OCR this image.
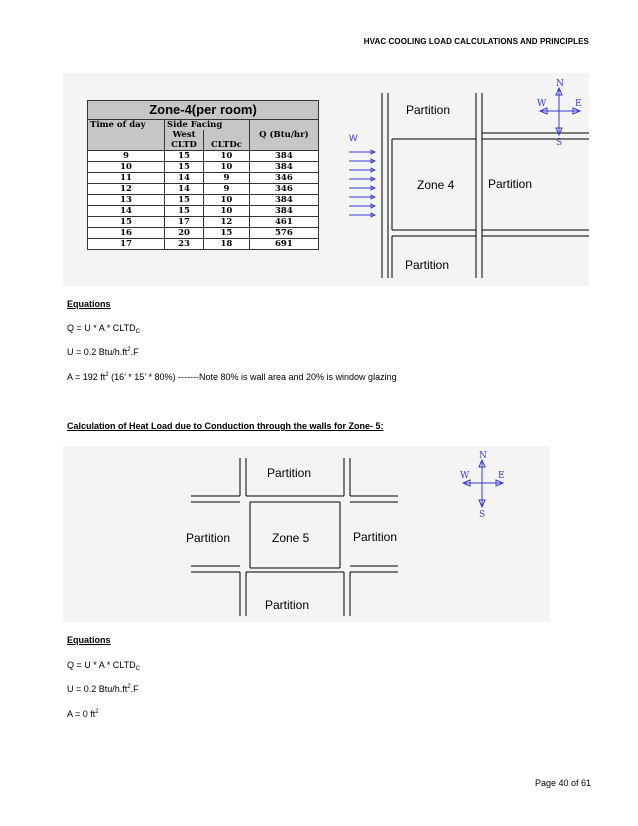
HVAC COOLING LOAD CALCULATIONS AND PRINCIPLES
Zone-4(per room)			
Time of day	Side Facing		
	West		Q (Btu/hr)
	CLTD	CLTDc	
9	15	10	384
10	15	10	384
11	14	9	346
12	14	9	346
13	15	10	384
14	15	10	384
15	17	12	461
16	20	15	576
17	23	18	691
W
Partition
Zone 4	Partition
Partition
N
S
E
W
Equations
$Q = U * A * CLTD_C$
U = 0.2 Btu/$h.ft^2.F$
A = 192 $ft^2$ (16’ * 15’ * 80%) -------Note 80% is wall area and 20% is window glazing
Calculation of Heat Load due to Conduction through the walls for Zone- 5:
Partition
Partition	Zone 5	Partition
Partition
N
S
E
W
Equations
$Q = U * A * CLTD_C$
U = 0.2 Btu/$h.ft^2.F$
A = 0 $ft^2$
Page 40 of 61
